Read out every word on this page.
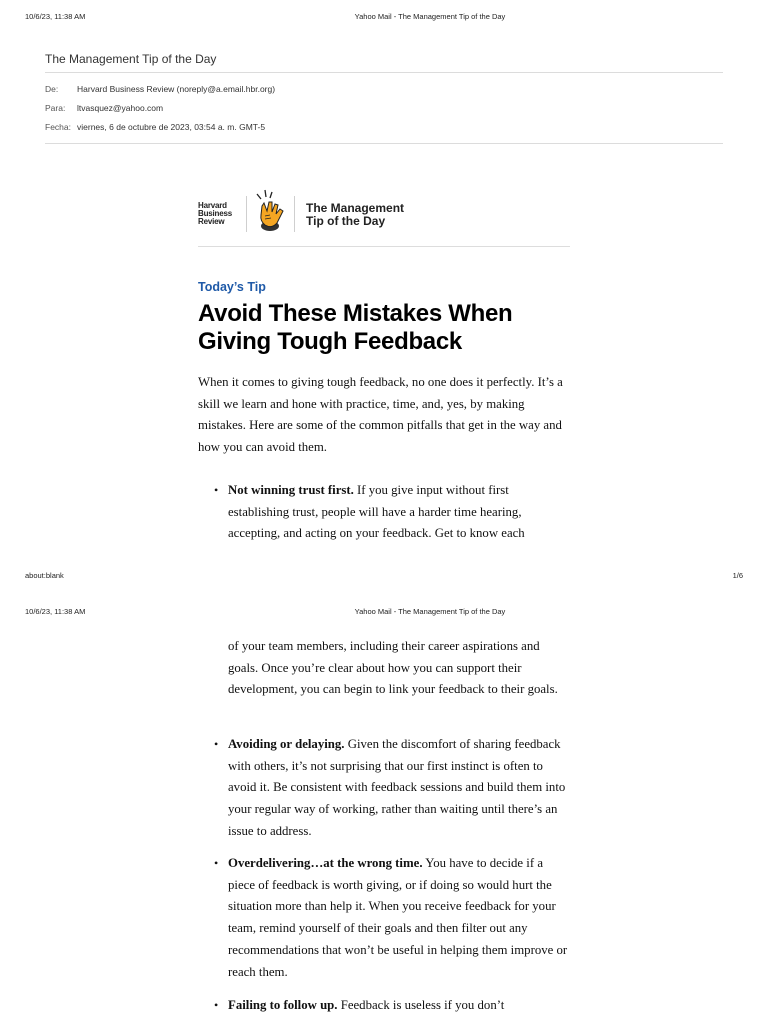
10/6/23, 11:38 AM	Yahoo Mail - The Management Tip of the Day
The Management Tip of the Day
De:	Harvard Business Review (noreply@a.email.hbr.org)
Para:	ltvasquez@yahoo.com
Fecha: viernes, 6 de octubre de 2023, 03:54 a. m. GMT-5
Harvard
Business
Review
The Management
Tip of the Day
Today’s Tip
Avoid These Mistakes When
Giving Tough Feedback
When it comes to giving tough feedback, no one does it perfectly. It’s a skill we learn and hone with practice, time, and, yes, by making mistakes. Here are some of the common pitfalls that get in the way and how you can avoid them.
• Not winning trust first. If you give input without first establishing trust, people will have a harder time hearing, accepting, and acting on your feedback. Get to know each
about:blank	1/6
10/6/23, 11:38 AM	Yahoo Mail - The Management Tip of the Day
of your team members, including their career aspirations and goals. Once you’re clear about how you can support their development, you can begin to link your feedback to their goals.
• Avoiding or delaying. Given the discomfort of sharing feedback with others, it’s not surprising that our first instinct is often to avoid it. Be consistent with feedback sessions and build them into your regular way of working, rather than waiting until there’s an issue to address.
• Overdelivering…at the wrong time. You have to decide if a piece of feedback is worth giving, or if doing so would hurt the situation more than help it. When you receive feedback for your team, remind yourself of their goals and then filter out any recommendations that won’t be useful in helping them improve or reach them.
• Failing to follow up. Feedback is useless if you don’t
